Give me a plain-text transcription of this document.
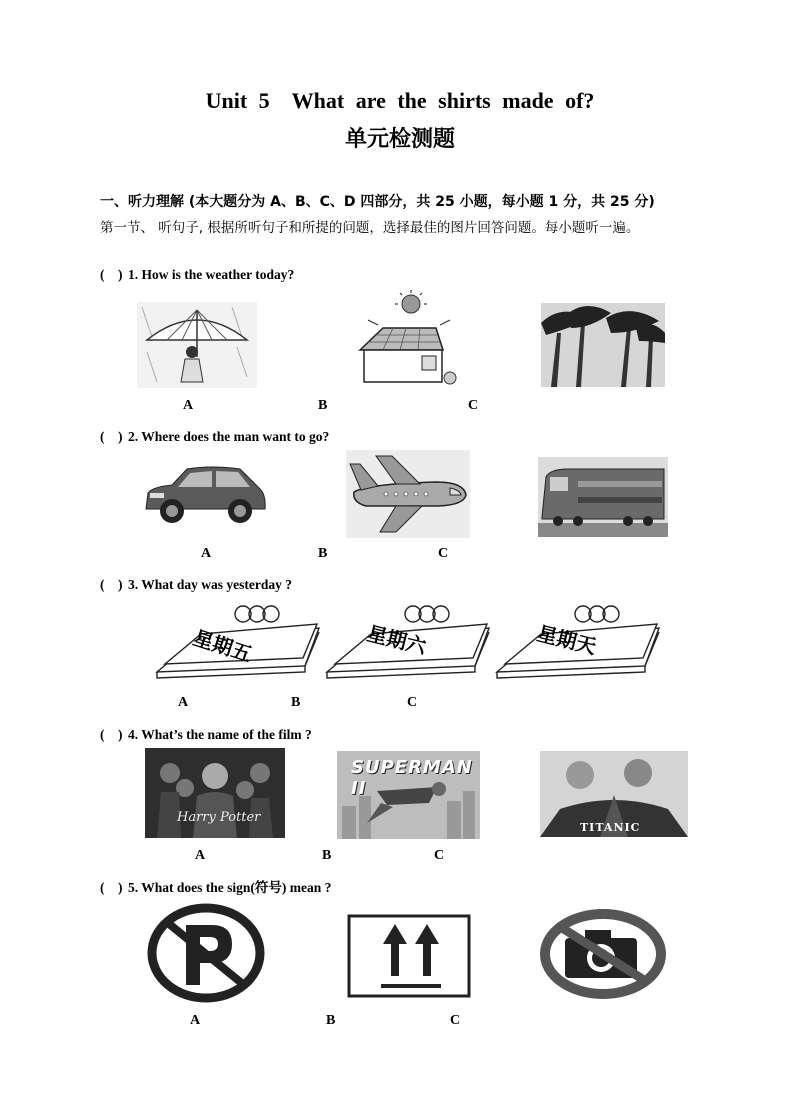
Unit 5　What are the shirts made of?
单元检测题
一、听力理解 (本大题分为 A、B、C、D 四部分，共 25 小题，每小题 1 分，共 25 分)
第一节、 听句子, 根据所听句子和所提的问题，选择最佳的图片回答问题。每小题听一遍。
(　) 1. How is the weather today?
A	B	C
(　) 2. Where does the man want to go?
A	B	C
(　) 3. What day was yesterday ?
星期五	星期六	星期天
A	B	C
(　) 4. What’s the name of the film ?
Harry Potter
SUPERMAN II
TITANIC
A	B	C
(　) 5. What does the sign(符号) mean ?
A	B	C
